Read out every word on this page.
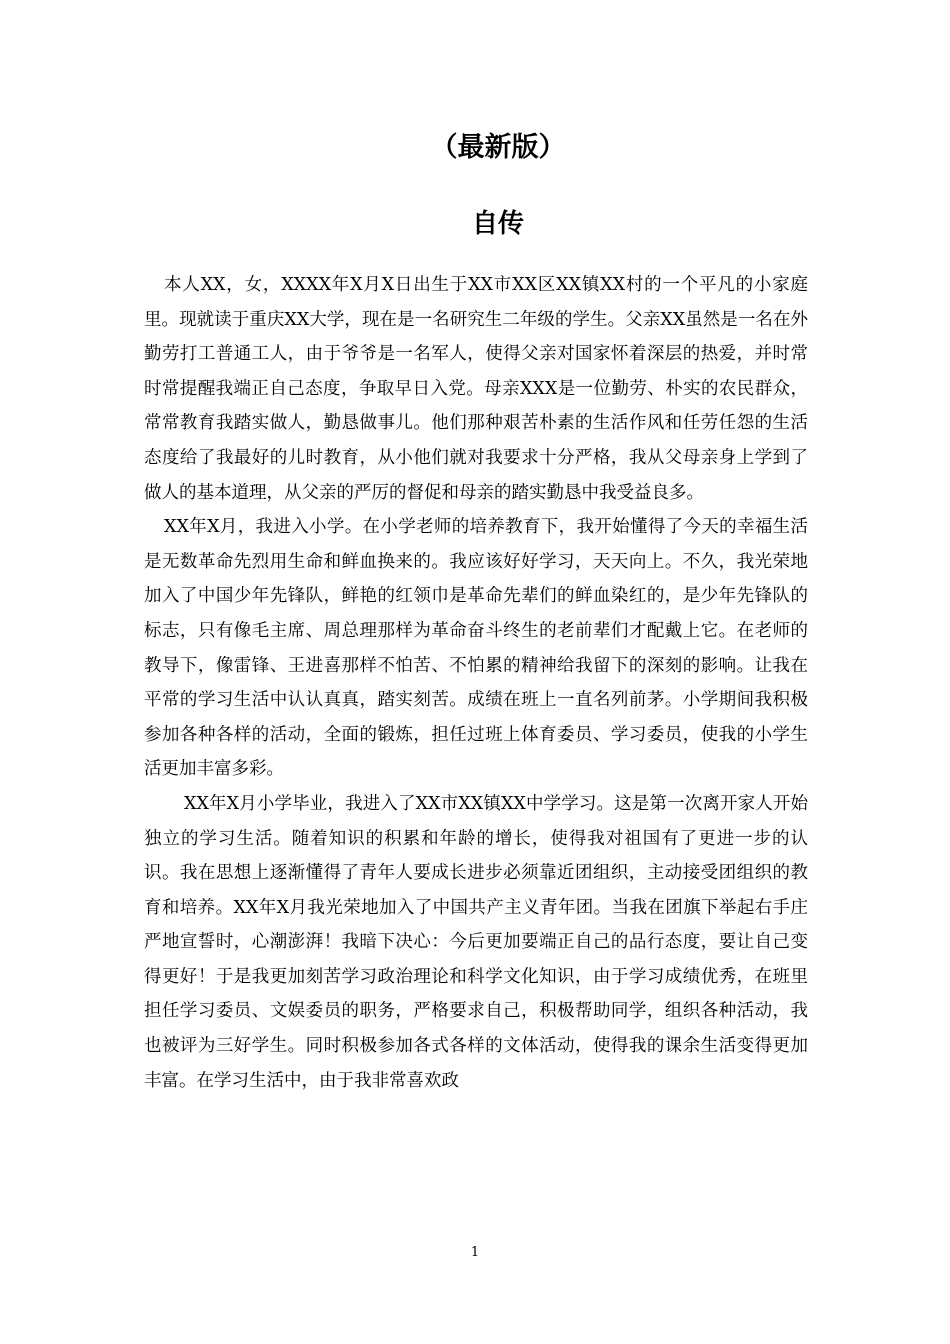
（最新版）
自传

本人XX，女，XXXX年X月X日出生于XX市XX区XX镇XX村的一个平凡的小家庭里。现就读于重庆XX大学，现在是一名研究生二年级的学生。父亲XX虽然是一名在外勤劳打工普通工人，由于爷爷是一名军人，使得父亲对国家怀着深层的热爱，并时常时常提醒我端正自己态度，争取早日入党。母亲XXX是一位勤劳、朴实的农民群众，常常教育我踏实做人，勤恳做事儿。他们那种艰苦朴素的生活作风和任劳任怨的生活态度给了我最好的儿时教育，从小他们就对我要求十分严格，我从父母亲身上学到了做人的基本道理，从父亲的严厉的督促和母亲的踏实勤恳中我受益良多。

XX年X月，我进入小学。在小学老师的培养教育下，我开始懂得了今天的幸福生活是无数革命先烈用生命和鲜血换来的。我应该好好学习，天天向上。不久，我光荣地加入了中国少年先锋队，鲜艳的红领巾是革命先辈们的鲜血染红的，是少年先锋队的标志，只有像毛主席、周总理那样为革命奋斗终生的老前辈们才配戴上它。在老师的教导下，像雷锋、王进喜那样不怕苦、不怕累的精神给我留下的深刻的影响。让我在平常的学习生活中认认真真，踏实刻苦。成绩在班上一直名列前茅。小学期间我积极参加各种各样的活动，全面的锻炼，担任过班上体育委员、学习委员，使我的小学生活更加丰富多彩。

XX年X月小学毕业，我进入了XX市XX镇XX中学学习。这是第一次离开家人开始独立的学习生活。随着知识的积累和年龄的增长，使得我对祖国有了更进一步的认识。我在思想上逐渐懂得了青年人要成长进步必须靠近团组织，主动接受团组织的教育和培养。XX年X月我光荣地加入了中国共产主义青年团。当我在团旗下举起右手庄严地宣誓时，心潮澎湃！我暗下决心：今后更加要端正自己的品行态度，要让自己变得更好！于是我更加刻苦学习政治理论和科学文化知识，由于学习成绩优秀，在班里担任学习委员、文娱委员的职务，严格要求自己，积极帮助同学，组织各种活动，我也被评为三好学生。同时积极参加各式各样的文体活动，使得我的课余生活变得更加丰富。在学习生活中，由于我非常喜欢政

1
